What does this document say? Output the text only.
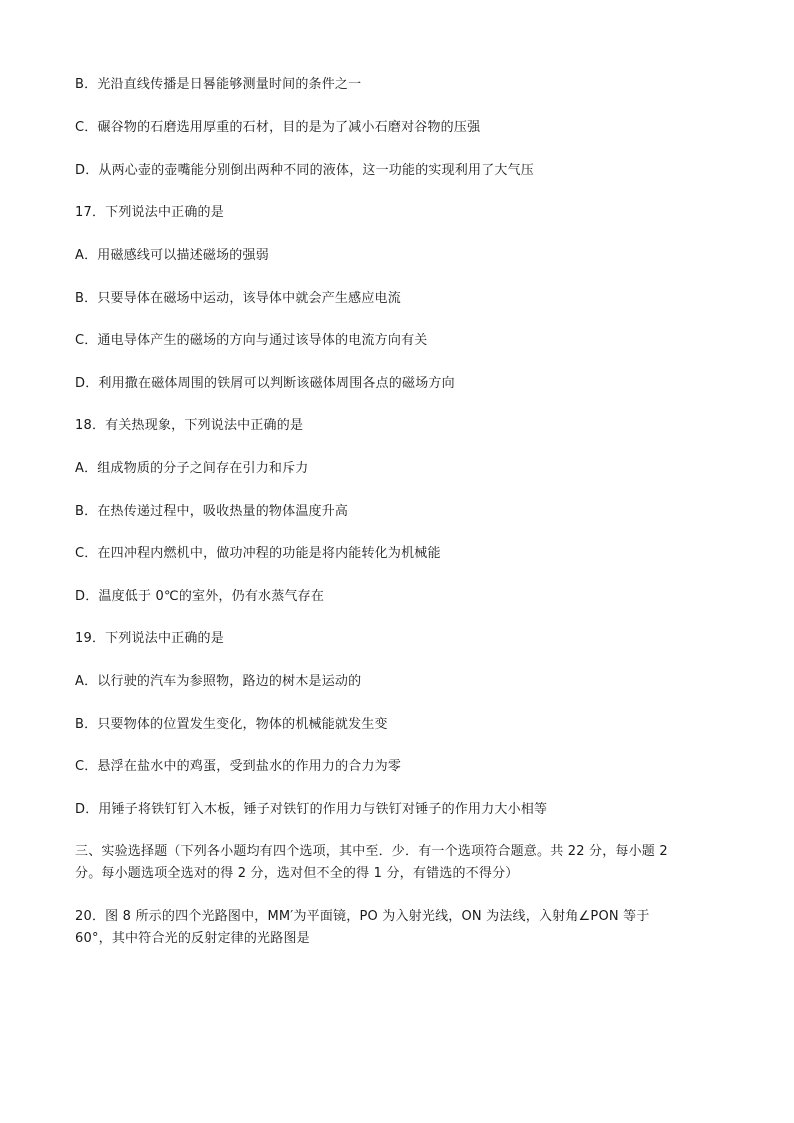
B．光沿直线传播是日晷能够测量时间的条件之一
C．碾谷物的石磨选用厚重的石材，目的是为了减小石磨对谷物的压强
D．从两心壶的壶嘴能分别倒出两种不同的液体，这一功能的实现利用了大气压
17．下列说法中正确的是
A．用磁感线可以描述磁场的强弱
B．只要导体在磁场中运动，该导体中就会产生感应电流
C．通电导体产生的磁场的方向与通过该导体的电流方向有关
D．利用撒在磁体周围的铁屑可以判断该磁体周围各点的磁场方向
18．有关热现象，下列说法中正确的是
A．组成物质的分子之间存在引力和斥力
B．在热传递过程中，吸收热量的物体温度升高
C．在四冲程内燃机中，做功冲程的功能是将内能转化为机械能
D．温度低于 0℃的室外，仍有水蒸气存在
19．下列说法中正确的是
A．以行驶的汽车为参照物，路边的树木是运动的
B．只要物体的位置发生变化，物体的机械能就发生变
C．悬浮在盐水中的鸡蛋，受到盐水的作用力的合力为零
D．用锤子将铁钉钉入木板，锤子对铁钉的作用力与铁钉对锤子的作用力大小相等
三、实验选择题（下列各小题均有四个选项，其中至．少．有一个选项符合题意。共 22 分，每小题 2
分。每小题选项全选对的得 2 分，选对但不全的得 1 分，有错选的不得分）
20．图 8 所示的四个光路图中，MM′为平面镜，PO 为入射光线，ON 为法线，入射角∠PON 等于
60°，其中符合光的反射定律的光路图是
